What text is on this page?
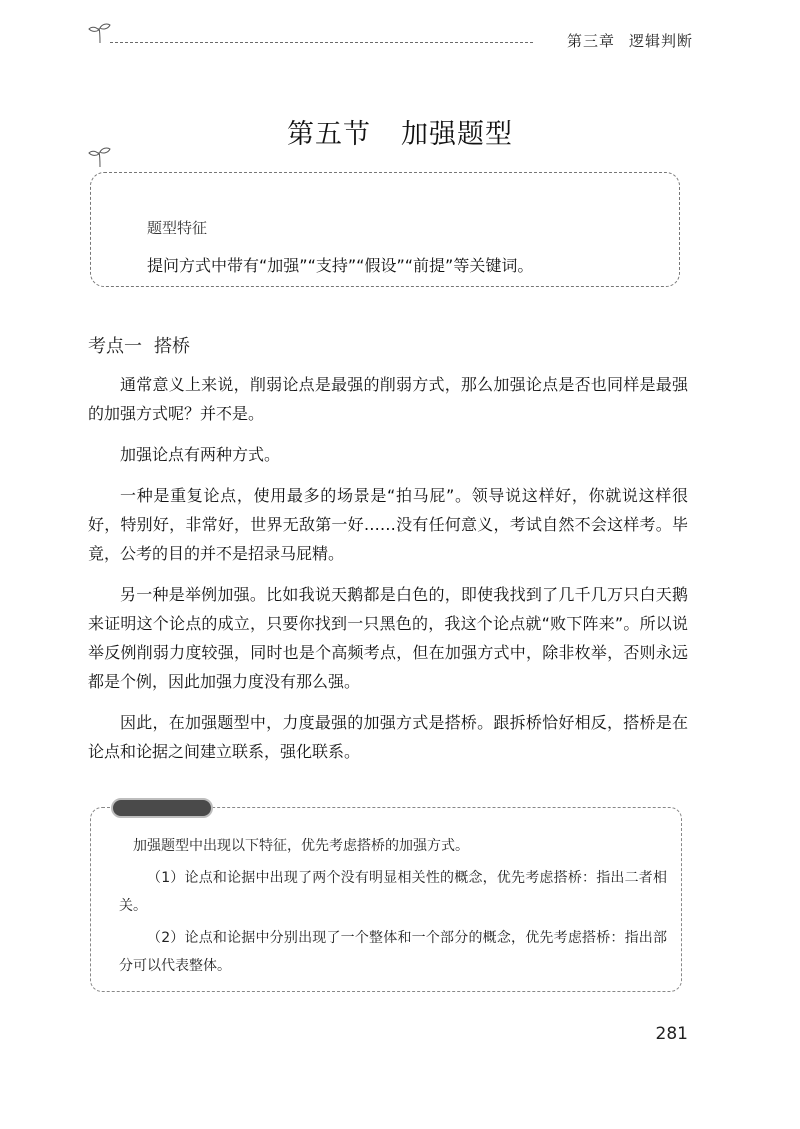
第三章 逻辑判断
第五节 加强题型
题型特征
提问方式中带有“加强”“支持”“假设”“前提”等关键词。
考点一 搭桥

通常意义上来说，削弱论点是最强的削弱方式，那么加强论点是否也同样是最强的加强方式呢？并不是。

加强论点有两种方式。

一种是重复论点，使用最多的场景是“拍马屁”。领导说这样好，你就说这样很好，特别好，非常好，世界无敌第一好……没有任何意义，考试自然不会这样考。毕竟，公考的目的并不是招录马屁精。

另一种是举例加强。比如我说天鹅都是白色的，即使我找到了几千几万只白天鹅来证明这个论点的成立，只要你找到一只黑色的，我这个论点就“败下阵来”。所以说举反例削弱力度较强，同时也是个高频考点，但在加强方式中，除非枚举，否则永远都是个例，因此加强力度没有那么强。

因此，在加强题型中，力度最强的加强方式是搭桥。跟拆桥恰好相反，搭桥是在论点和论据之间建立联系，强化联系。

加强题型中出现以下特征，优先考虑搭桥的加强方式。

（1）论点和论据中出现了两个没有明显相关性的概念，优先考虑搭桥：指出二者相关。

（2）论点和论据中分别出现了一个整体和一个部分的概念，优先考虑搭桥：指出部分可以代表整体。

281
